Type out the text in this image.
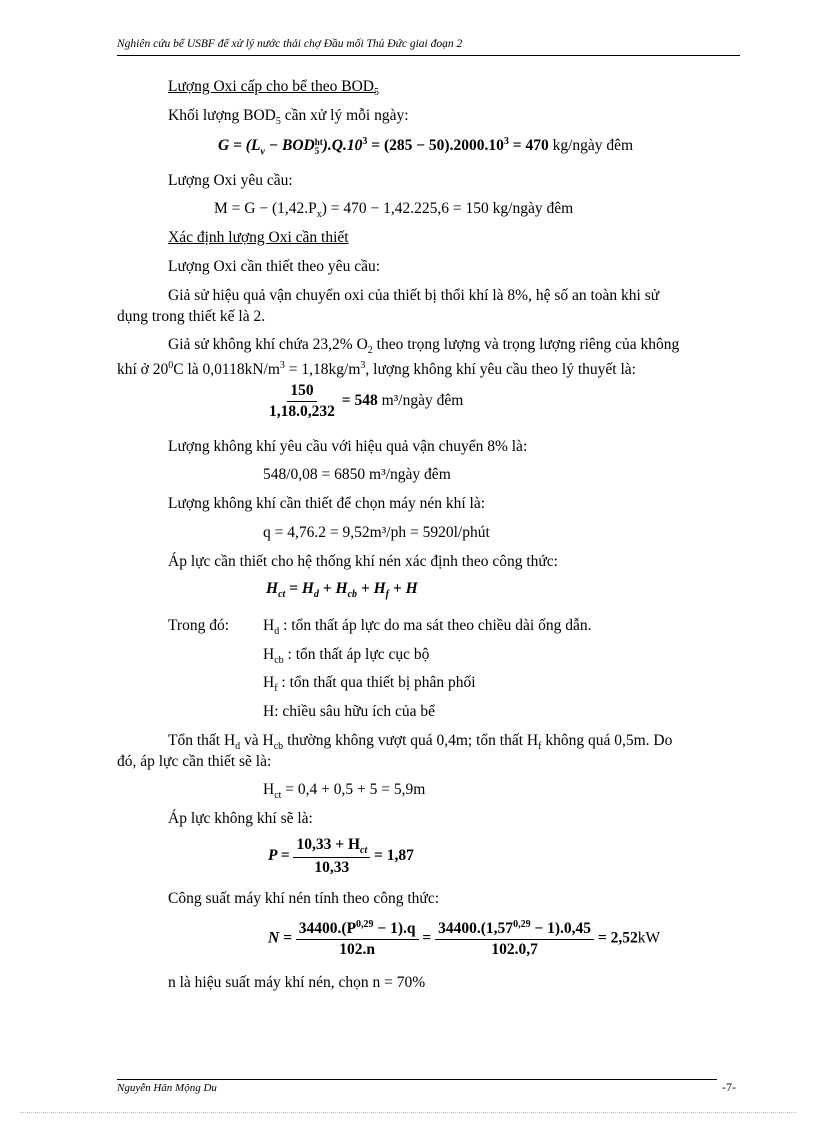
Nghiên cứu bể USBF để xử lý nước thải chợ Đầu mối Thủ Đức giai đoạn 2
Lượng Oxi cấp cho bể theo $BOD_5$
Khối lượng $BOD_5$ cần xử lý mỗi ngày:
$G = (L_v$ − BOD ht
5 )$.Q.10^3 = (285 - 50).2000.10^3 = 470$ kg/ngày đêm
Lượng Oxi yêu cầu:
$M = G - (1,42.P_x) = 470 - 1,42.225,6 = 150$ kg/ngày đêm
Xác định lượng Oxi cần thiết
Lượng Oxi cần thiết theo yêu cầu:
Giả sử hiệu quả vận chuyển oxi của thiết bị thổi khí là 8%, hệ số an toàn khi sử
dụng trong thiết kế là 2.
Giả sử không khí chứa 23,2% $O_2$ theo trọng lượng và trọng lượng riêng của không
khí ở $20^0C$ là $0,0118kN/m^3 = 1,18kg/m^3$, lượng không khí yêu cầu theo lý thuyết là:
$\frac{150}{1,18.0,232} = 548$ m³/ngày đêm
Lượng không khí yêu cầu với hiệu quả vận chuyển 8% là:
548/0,08 = 6850 m³/ngày đêm
Lượng không khí cần thiết để chọn máy nén khí là:
q = 4,76.2 = 9,52m³/ph = 5920l/phút
Áp lực cần thiết cho hệ thống khí nén xác định theo công thức:
$H_{ct} = H_d + H_{cb} + H_f + H$
Trong đó: $H_d$ : tổn thất áp lực do ma sát theo chiều dài ống dẫn.
$H_{cb}$ : tổn thất áp lực cục bộ
$H_f$ : tổn thất qua thiết bị phân phối
H: chiều sâu hữu ích của bể
Tổn thất $H_d$ và $H_{cb}$ thường không vượt quá 0,4m; tổn thất $H_f$ không quá 0,5m. Do
đó, áp lực cần thiết sẽ là:
$H_{ct} = 0,4 + 0,5 + 5 = 5,9m$
Áp lực không khí sẽ là:
$P = \frac{10,33 + H_{ct}}{10,33} = 1,87$
Công suất máy khí nén tính theo công thức:
$N = \frac{34400.(P^{0,29} - 1).q}{102.n} = \frac{34400.(1,57^{0,29} - 1).0,45}{102.0,7} = 2,52kW$
n là hiệu suất máy khí nén, chọn n = 70%
Nguyễn Hân Mộng Du	-7-
